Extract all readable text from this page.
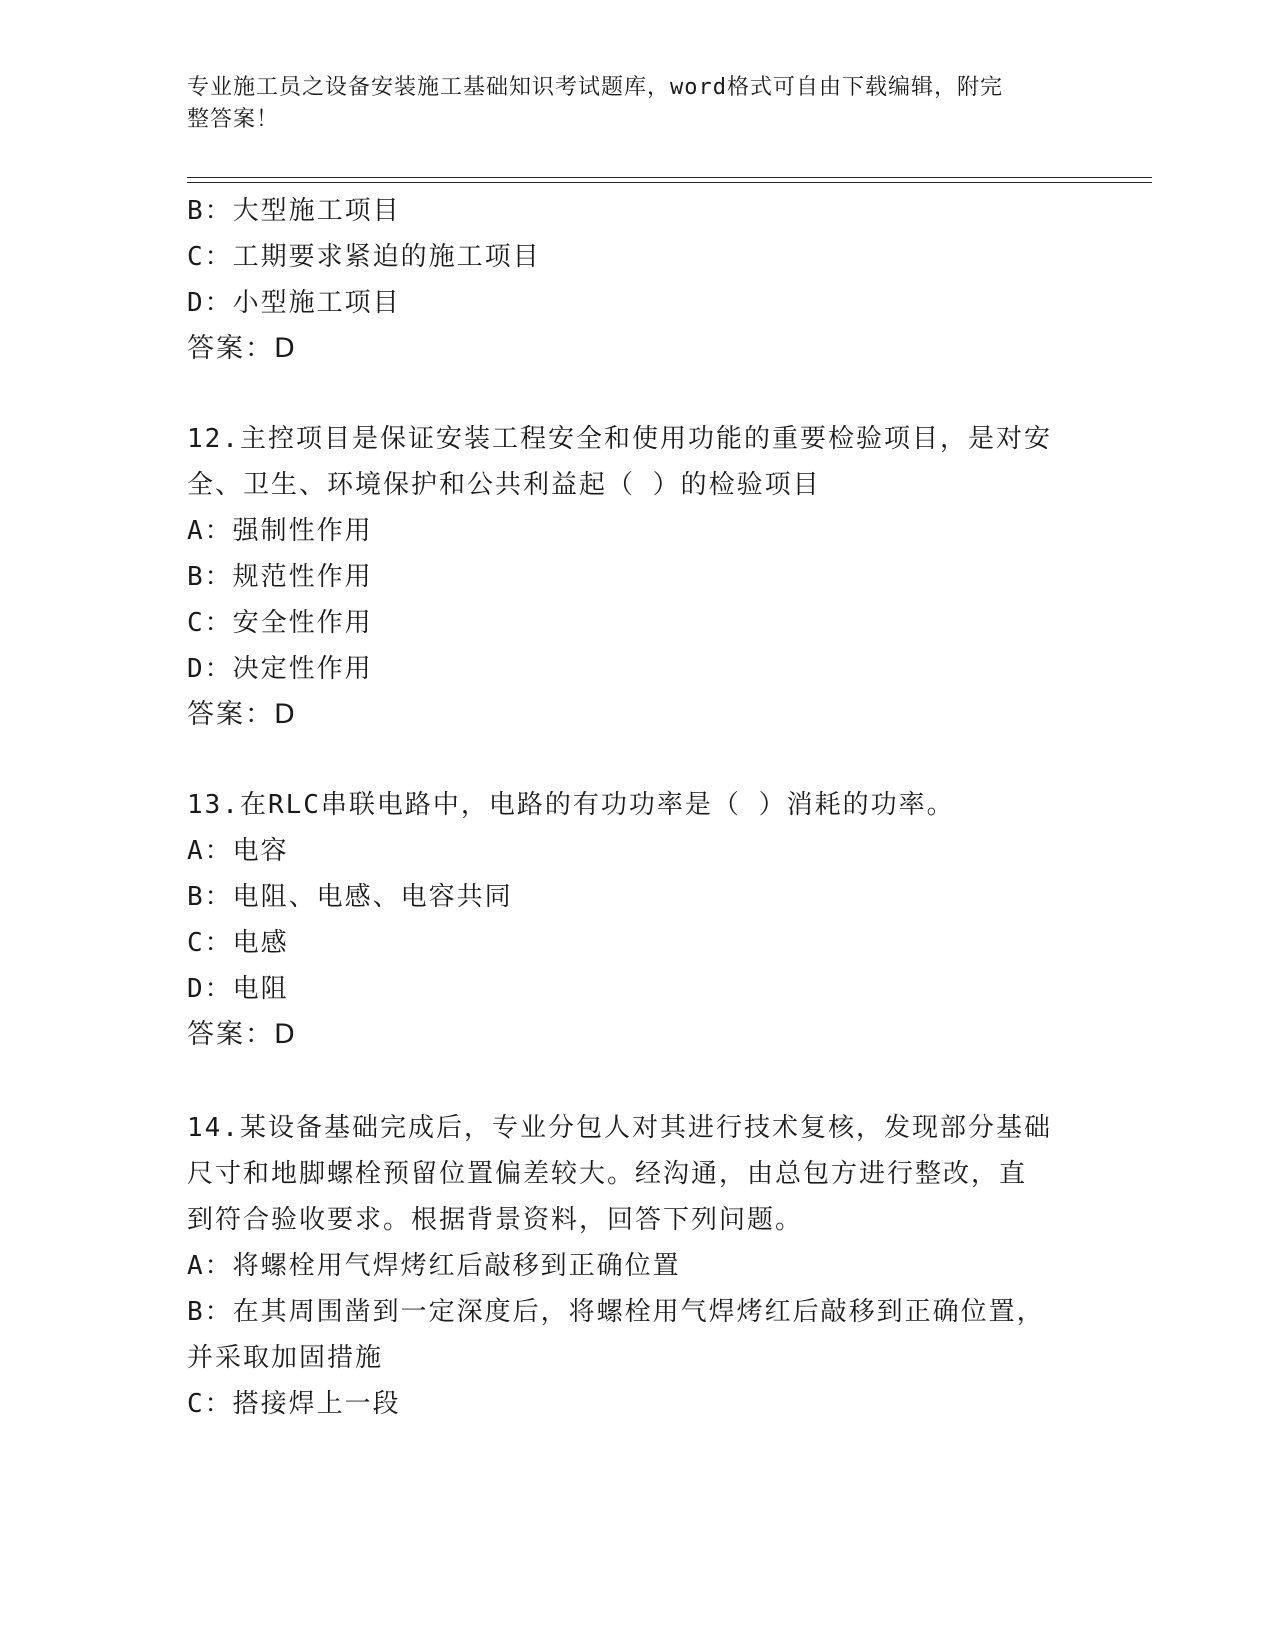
专业施工员之设备安装施工基础知识考试题库，word格式可自由下载编辑，附完
整答案！
B：大型施工项目
C：工期要求紧迫的施工项目
D：小型施工项目
答案：D
12.主控项目是保证安装工程安全和使用功能的重要检验项目，是对安
全、卫生、环境保护和公共利益起（ ）的检验项目
A：强制性作用
B：规范性作用
C：安全性作用
D：决定性作用
答案：D
13.在RLC串联电路中，电路的有功功率是（ ）消耗的功率。
A：电容
B：电阻、电感、电容共同
C：电感
D：电阻
答案：D
14.某设备基础完成后，专业分包人对其进行技术复核，发现部分基础
尺寸和地脚螺栓预留位置偏差较大。经沟通，由总包方进行整改，直
到符合验收要求。根据背景资料，回答下列问题。
A：将螺栓用气焊烤红后敲移到正确位置
B：在其周围凿到一定深度后，将螺栓用气焊烤红后敲移到正确位置，
并采取加固措施
C：搭接焊上一段
